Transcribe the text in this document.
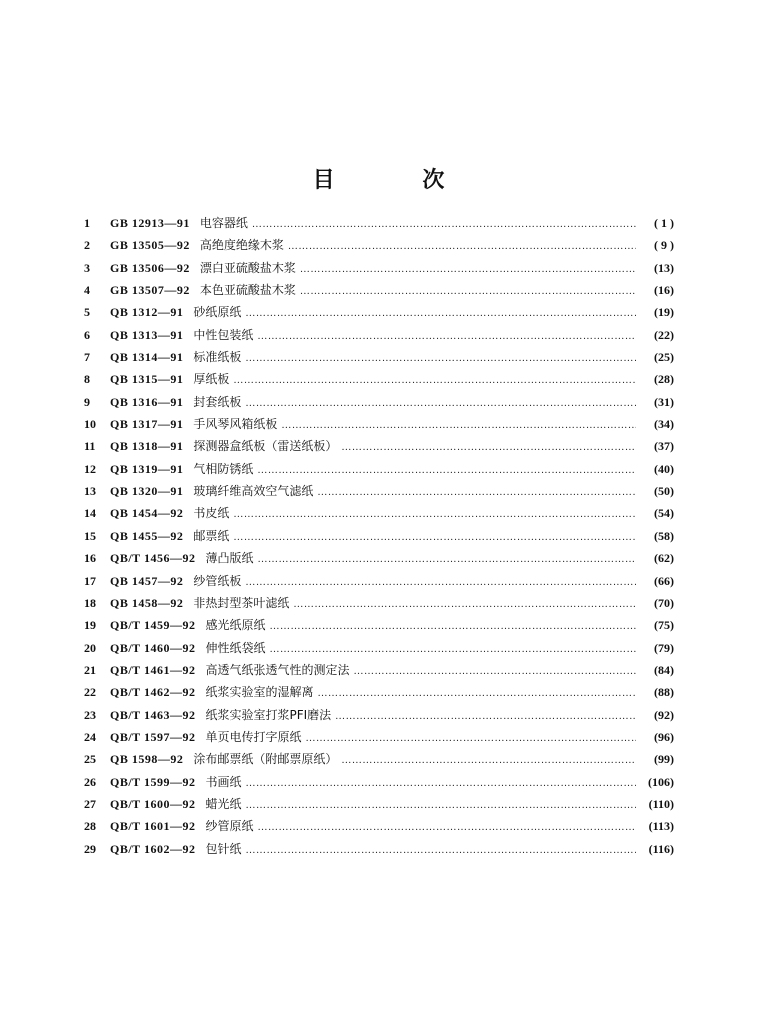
目 次
1	GB 12913—91 电容器纸 ………………………………………………………………………………………………………………………………………………………………………	( 1 )
2	GB 13505—92 高绝度绝缘木浆 ………………………………………………………………………………………………………………………………………………………………………	( 9 )
3	GB 13506—92 漂白亚硫酸盐木浆 ………………………………………………………………………………………………………………………………………………………………………	(13)
4	GB 13507—92 本色亚硫酸盐木浆 ………………………………………………………………………………………………………………………………………………………………………	(16)
5	QB 1312—91 砂纸原纸 ………………………………………………………………………………………………………………………………………………………………………	(19)
6	QB 1313—91 中性包装纸 ………………………………………………………………………………………………………………………………………………………………………	(22)
7	QB 1314—91 标准纸板 ………………………………………………………………………………………………………………………………………………………………………	(25)
8	QB 1315—91 厚纸板 ………………………………………………………………………………………………………………………………………………………………………	(28)
9	QB 1316—91 封套纸板 ………………………………………………………………………………………………………………………………………………………………………	(31)
10	QB 1317—91 手风琴风箱纸板 ………………………………………………………………………………………………………………………………………………………………………	(34)
11	QB 1318—91 探测器盒纸板（雷送纸板） ………………………………………………………………………………………………………………………………………………………………………	(37)
12	QB 1319—91 气相防锈纸 ………………………………………………………………………………………………………………………………………………………………………	(40)
13	QB 1320—91 玻璃纤维高效空气滤纸 ………………………………………………………………………………………………………………………………………………………………………	(50)
14	QB 1454—92 书皮纸 ………………………………………………………………………………………………………………………………………………………………………	(54)
15	QB 1455—92 邮票纸 ………………………………………………………………………………………………………………………………………………………………………	(58)
16	QB/T 1456—92 薄凸版纸 ………………………………………………………………………………………………………………………………………………………………………	(62)
17	QB 1457—92 纱管纸板 ………………………………………………………………………………………………………………………………………………………………………	(66)
18	QB 1458—92 非热封型茶叶滤纸 ………………………………………………………………………………………………………………………………………………………………………	(70)
19	QB/T 1459—92 感光纸原纸 ………………………………………………………………………………………………………………………………………………………………………	(75)
20	QB/T 1460—92 伸性纸袋纸 ………………………………………………………………………………………………………………………………………………………………………	(79)
21	QB/T 1461—92 高透气纸张透气性的测定法 ………………………………………………………………………………………………………………………………………………………………………	(84)
22	QB/T 1462—92 纸浆实验室的湿解离 ………………………………………………………………………………………………………………………………………………………………………	(88)
23	QB/T 1463—92 纸浆实验室打浆PFI磨法 ………………………………………………………………………………………………………………………………………………………………………	(92)
24	QB/T 1597—92 单页电传打字原纸 ………………………………………………………………………………………………………………………………………………………………………	(96)
25	QB 1598—92 涂布邮票纸（附邮票原纸） ………………………………………………………………………………………………………………………………………………………………………	(99)
26	QB/T 1599—92 书画纸 ………………………………………………………………………………………………………………………………………………………………………	(106)
27	QB/T 1600—92 蜡光纸 ………………………………………………………………………………………………………………………………………………………………………	(110)
28	QB/T 1601—92 纱管原纸 ………………………………………………………………………………………………………………………………………………………………………	(113)
29	QB/T 1602—92 包针纸 ………………………………………………………………………………………………………………………………………………………………………	(116)
